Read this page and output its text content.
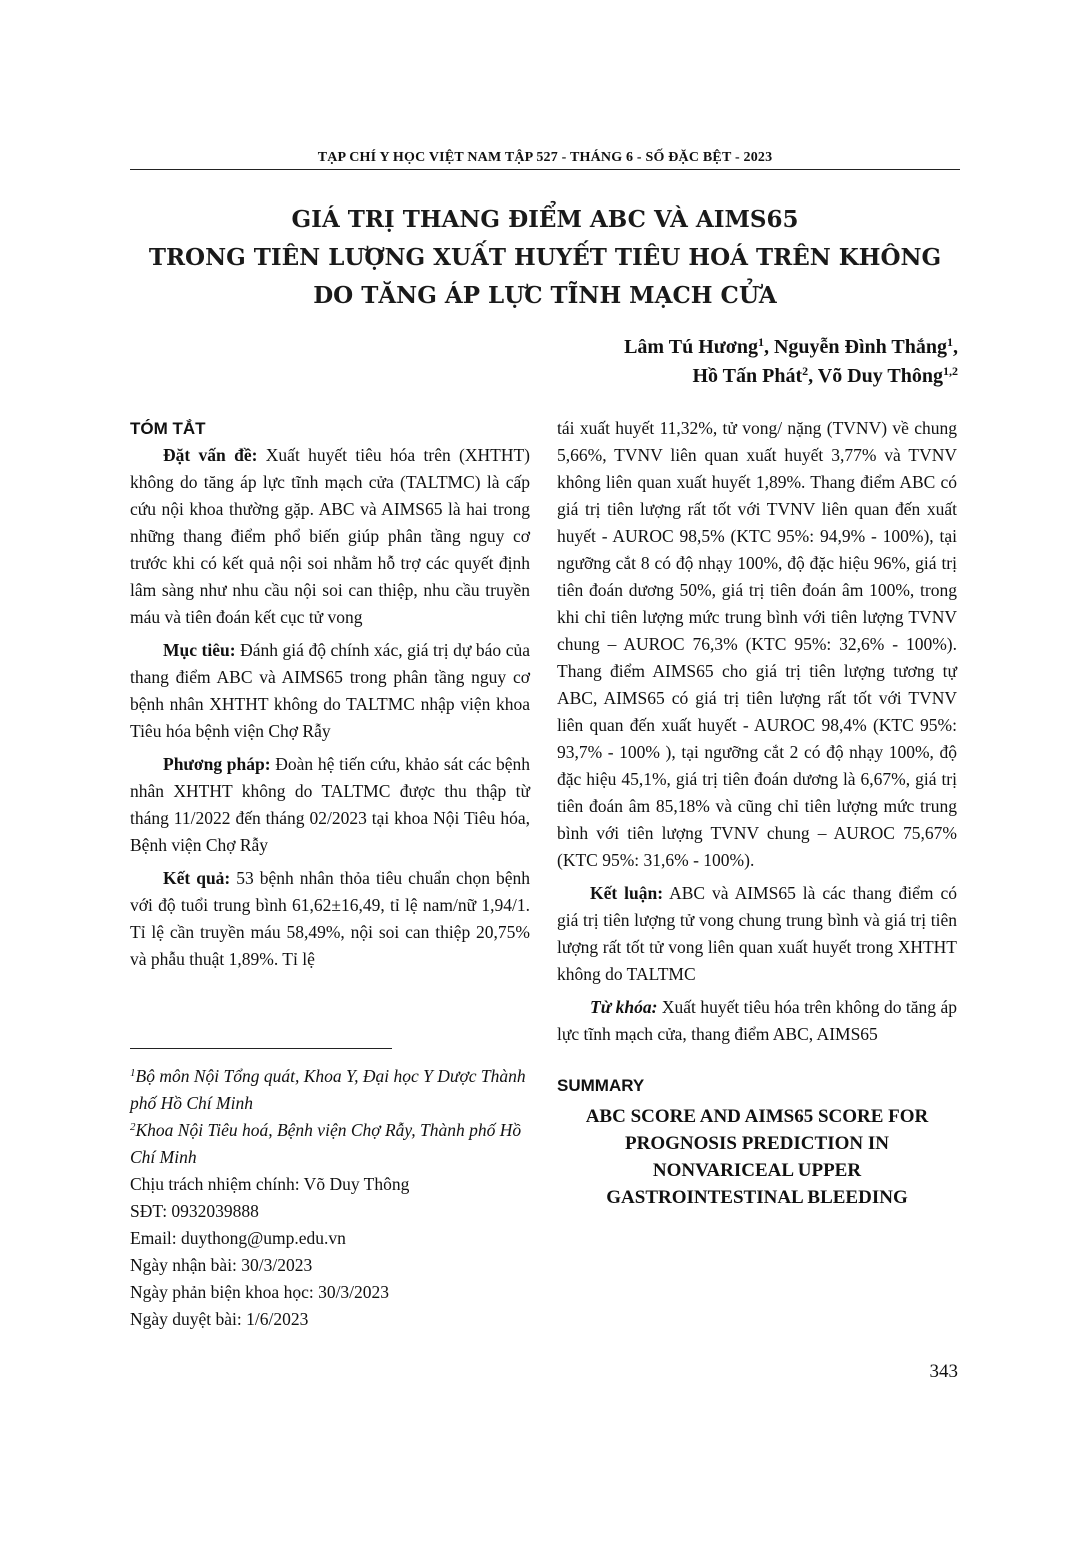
TẠP CHÍ Y HỌC VIỆT NAM TẬP 527 - THÁNG 6 - SỐ ĐẶC BỆT - 2023
GIÁ TRỊ THANG ĐIỂM ABC VÀ AIMS65
TRONG TIÊN LƯỢNG XUẤT HUYẾT TIÊU HOÁ TRÊN KHÔNG
DO TĂNG ÁP LỰC TĨNH MẠCH CỬA
Lâm Tú Hương$^1$, Nguyễn Đình Thắng$^1$,
Hồ Tấn Phát$^2$, Võ Duy Thông$^{1,2}$
TÓM TẮT

Đặt vấn đề: Xuất huyết tiêu hóa trên (XHTHT) không do tăng áp lực tĩnh mạch cửa (TALTMC) là cấp cứu nội khoa thường gặp. ABC và AIMS65 là hai trong những thang điểm phổ biến giúp phân tầng nguy cơ trước khi có kết quả nội soi nhằm hỗ trợ các quyết định lâm sàng như nhu cầu nội soi can thiệp, nhu cầu truyền máu và tiên đoán kết cục tử vong

Mục tiêu: Đánh giá độ chính xác, giá trị dự báo của thang điểm ABC và AIMS65 trong phân tầng nguy cơ bệnh nhân XHTHT không do TALTMC nhập viện khoa Tiêu hóa bệnh viện Chợ Rẫy

Phương pháp: Đoàn hệ tiến cứu, khảo sát các bệnh nhân XHTHT không do TALTMC được thu thập từ tháng 11/2022 đến tháng 02/2023 tại khoa Nội Tiêu hóa, Bệnh viện Chợ Rẫy

Kết quả: 53 bệnh nhân thỏa tiêu chuẩn chọn bệnh với độ tuổi trung bình 61,62±16,49, tỉ lệ nam/nữ 1,94/1. Tỉ lệ cần truyền máu 58,49%, nội soi can thiệp 20,75% và phẫu thuật 1,89%. Tỉ lệ

$^1$Bộ môn Nội Tổng quát, Khoa Y, Đại học Y Dược Thành phố Hồ Chí Minh
$^2$Khoa Nội Tiêu hoá, Bệnh viện Chợ Rẫy, Thành phố Hồ Chí Minh
Chịu trách nhiệm chính: Võ Duy Thông
SĐT: 0932039888
Email: duythong@ump.edu.vn
Ngày nhận bài: 30/3/2023
Ngày phản biện khoa học: 30/3/2023
Ngày duyệt bài: 1/6/2023

tái xuất huyết 11,32%, tử vong/ nặng (TVNV) về chung 5,66%, TVNV liên quan xuất huyết 3,77% và TVNV không liên quan xuất huyết 1,89%. Thang điểm ABC có giá trị tiên lượng rất tốt với TVNV liên quan đến xuất huyết - AUROC 98,5% (KTC 95%: 94,9% - 100%), tại ngưỡng cắt 8 có độ nhạy 100%, độ đặc hiệu 96%, giá trị tiên đoán dương 50%, giá trị tiên đoán âm 100%, trong khi chỉ tiên lượng mức trung bình với tiên lượng TVNV chung – AUROC 76,3% (KTC 95%: 32,6% - 100%). Thang điểm AIMS65 cho giá trị tiên lượng tương tự ABC, AIMS65 có giá trị tiên lượng rất tốt với TVNV liên quan đến xuất huyết - AUROC 98,4% (KTC 95%: 93,7% - 100% ), tại ngưỡng cắt 2 có độ nhạy 100%, độ đặc hiệu 45,1%, giá trị tiên đoán dương là 6,67%, giá trị tiên đoán âm 85,18% và cũng chỉ tiên lượng mức trung bình với tiên lượng TVNV chung – AUROC 75,67% (KTC 95%: 31,6% - 100%).

Kết luận: ABC và AIMS65 là các thang điểm có giá trị tiên lượng tử vong chung trung bình và giá trị tiên lượng rất tốt tử vong liên quan xuất huyết trong XHTHT không do TALTMC

Từ khóa: Xuất huyết tiêu hóa trên không do tăng áp lực tĩnh mạch cửa, thang điểm ABC, AIMS65

SUMMARY
ABC SCORE AND AIMS65 SCORE FOR
PROGNOSIS PREDICTION IN
NONVARICEAL UPPER
GASTROINTESTINAL BLEEDING
343
